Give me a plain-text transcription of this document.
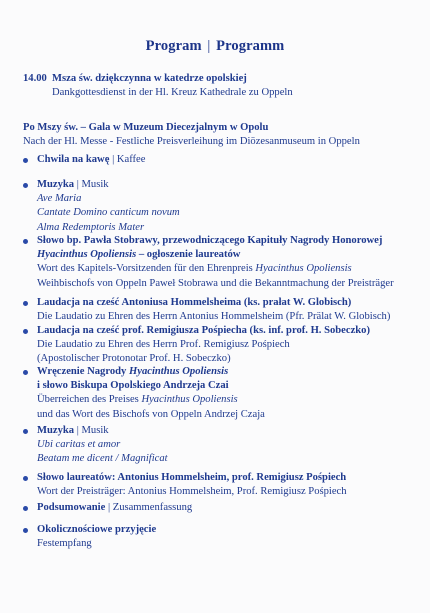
Program | Programm
14.00 Msza św. dziękczynna w katedrze opolskiej
Dankgottesdienst in der Hl. Kreuz Kathedrale zu Oppeln
Po Mszy św. – Gala w Muzeum Diecezjalnym w Opolu
Nach der Hl. Messe - Festliche Preisverleihung im Diözesanmuseum in Oppeln
Chwila na kawę | Kaffee
Muzyka | Musik
Ave Maria
Cantate Domino canticum novum
Alma Redemptoris Mater
Słowo bp. Pawła Stobrawy, przewodniczącego Kapituły Nagrody Honorowej
Hyacinthus Opoliensis – ogłoszenie laureatów
Wort des Kapitels-Vorsitzenden für den Ehrenpreis Hyacinthus Opoliensis
Weihbischofs von Oppeln Paweł Stobrawa und die Bekanntmachung der Preisträger
Laudacja na cześć Antoniusa Hommelsheima (ks. prałat W. Globisch)
Die Laudatio zu Ehren des Herrn Antonius Hommelsheim (Pfr. Prälat W. Globisch)
Laudacja na cześć prof. Remigiusza Pośpiecha (ks. inf. prof. H. Sobeczko)
Die Laudatio zu Ehren des Herrn Prof. Remigiusz Pośpiech
(Apostolischer Protonotar Prof. H. Sobeczko)
Wręczenie Nagrody Hyacinthus Opoliensis
i słowo Biskupa Opolskiego Andrzeja Czai
Überreichen des Preises Hyacinthus Opoliensis
und das Wort des Bischofs von Oppeln Andrzej Czaja
Muzyka | Musik
Ubi caritas et amor
Beatam me dicent / Magnificat
Słowo laureatów: Antonius Hommelsheim, prof. Remigiusz Pośpiech
Wort der Preisträger: Antonius Hommelsheim, Prof. Remigiusz Pośpiech
Podsumowanie | Zusammenfassung
Okolicznościowe przyjęcie
Festempfang
